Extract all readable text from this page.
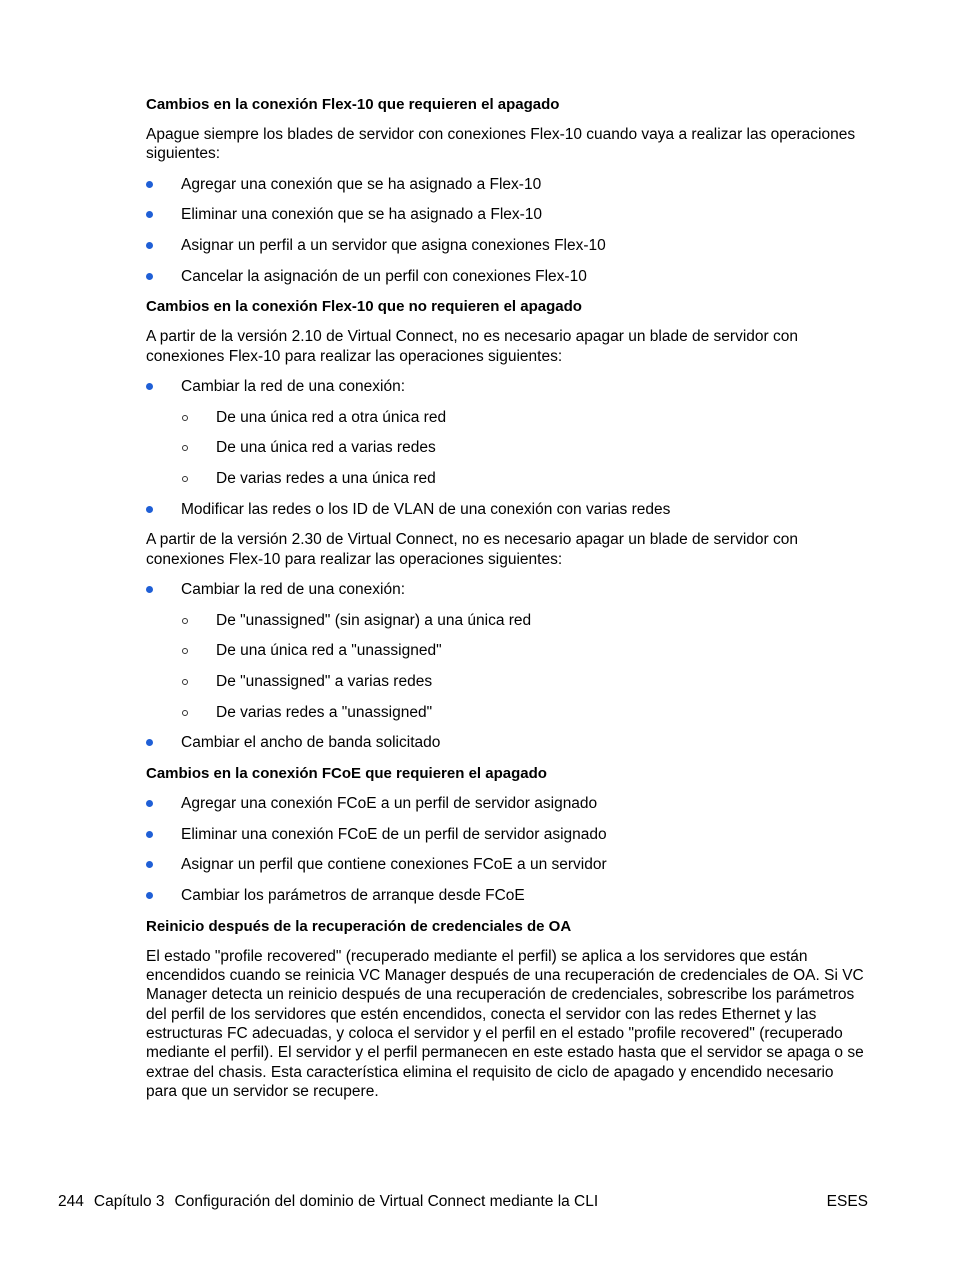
Cambios en la conexión Flex-10 que requieren el apagado
Apague siempre los blades de servidor con conexiones Flex-10 cuando vaya a realizar las operaciones siguientes:
Agregar una conexión que se ha asignado a Flex-10
Eliminar una conexión que se ha asignado a Flex-10
Asignar un perfil a un servidor que asigna conexiones Flex-10
Cancelar la asignación de un perfil con conexiones Flex-10
Cambios en la conexión Flex-10 que no requieren el apagado
A partir de la versión 2.10 de Virtual Connect, no es necesario apagar un blade de servidor con conexiones Flex-10 para realizar las operaciones siguientes:
Cambiar la red de una conexión:
De una única red a otra única red
De una única red a varias redes
De varias redes a una única red
Modificar las redes o los ID de VLAN de una conexión con varias redes
A partir de la versión 2.30 de Virtual Connect, no es necesario apagar un blade de servidor con conexiones Flex-10 para realizar las operaciones siguientes:
Cambiar la red de una conexión:
De "unassigned" (sin asignar) a una única red
De una única red a "unassigned"
De "unassigned" a varias redes
De varias redes a "unassigned"
Cambiar el ancho de banda solicitado
Cambios en la conexión FCoE que requieren el apagado
Agregar una conexión FCoE a un perfil de servidor asignado
Eliminar una conexión FCoE de un perfil de servidor asignado
Asignar un perfil que contiene conexiones FCoE a un servidor
Cambiar los parámetros de arranque desde FCoE
Reinicio después de la recuperación de credenciales de OA
El estado "profile recovered" (recuperado mediante el perfil) se aplica a los servidores que están encendidos cuando se reinicia VC Manager después de una recuperación de credenciales de OA. Si VC Manager detecta un reinicio después de una recuperación de credenciales, sobrescribe los parámetros del perfil de los servidores que estén encendidos, conecta el servidor con las redes Ethernet y las estructuras FC adecuadas, y coloca el servidor y el perfil en el estado "profile recovered" (recuperado mediante el perfil). El servidor y el perfil permanecen en este estado hasta que el servidor se apaga o se extrae del chasis. Esta característica elimina el requisito de ciclo de apagado y encendido necesario para que un servidor se recupere.
244 Capítulo 3 Configuración del dominio de Virtual Connect mediante la CLI	ESES
